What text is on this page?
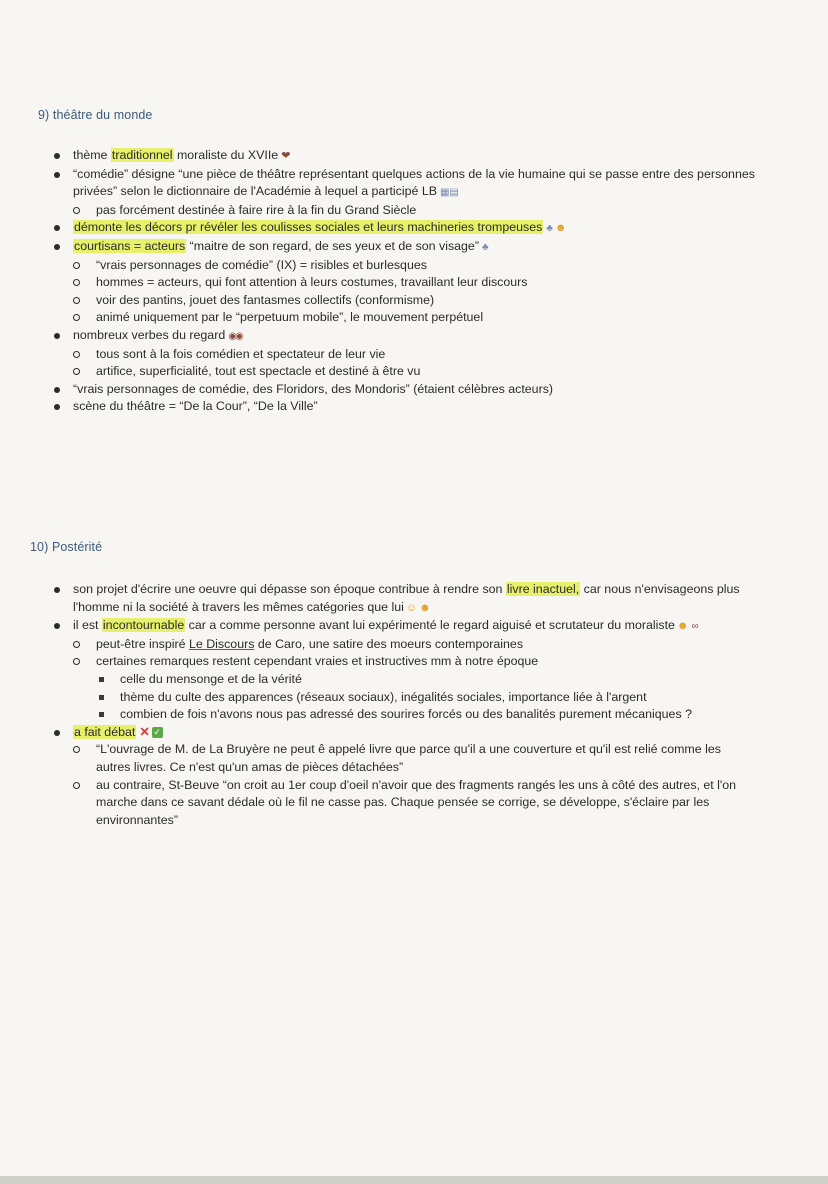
9) théâtre du monde
thème traditionnel moraliste du XVIIe ❤
“comédie” désigne “une pièce de théâtre représentant quelques actions de la vie humaine qui se passe entre des personnes privées” selon le dictionnaire de l'Académie à lequel a participé LB ▦▤
pas forcément destinée à faire rire à la fin du Grand Siècle
démonte les décors pr révéler les coulisses sociales et leurs machineries trompeuses ♣ ☻
courtisans = acteurs “maitre de son regard, de ses yeux et de son visage” ♣
“vrais personnages de comédie” (IX) = risibles et burlesques
hommes = acteurs, qui font attention à leurs costumes, travaillant leur discours
voir des pantins, jouet des fantasmes collectifs (conformisme)
animé uniquement par le “perpetuum mobile”, le mouvement perpétuel
nombreux verbes du regard ◉◉
tous sont à la fois comédien et spectateur de leur vie
artifice, superficialité, tout est spectacle et destiné à être vu
“vrais personnages de comédie, des Floridors, des Mondoris” (étaient célèbres acteurs)
scène du théâtre = “De la Cour”, “De la Ville”
10) Postérité
son projet d'écrire une oeuvre qui dépasse son époque contribue à rendre son livre inactuel, car nous n'envisageons plus l'homme ni la société à travers les mêmes catégories que lui ☺ ☻
il est incontournable car a comme personne avant lui expérimenté le regard aiguisé et scrutateur du moraliste ☻ ∞
peut-être inspiré Le Discours de Caro, une satire des moeurs contemporaines
certaines remarques restent cependant vraies et instructives mm à notre époque
celle du mensonge et de la vérité
thème du culte des apparences (réseaux sociaux), inégalités sociales, importance liée à l'argent
combien de fois n'avons nous pas adressé des sourires forcés ou des banalités purement mécaniques ?
a fait débat ✕ ✓
“L'ouvrage de M. de La Bruyère ne peut ê appelé livre que parce qu'il a une couverture et qu'il est relié comme les autres livres. Ce n'est qu'un amas de pièces détachées”
au contraire, St-Beuve “on croit au 1er coup d'oeil n'avoir que des fragments rangés les uns à côté des autres, et l'on marche dans ce savant dédale où le fil ne casse pas. Chaque pensée se corrige, se développe, s'éclaire par les environnantes”
